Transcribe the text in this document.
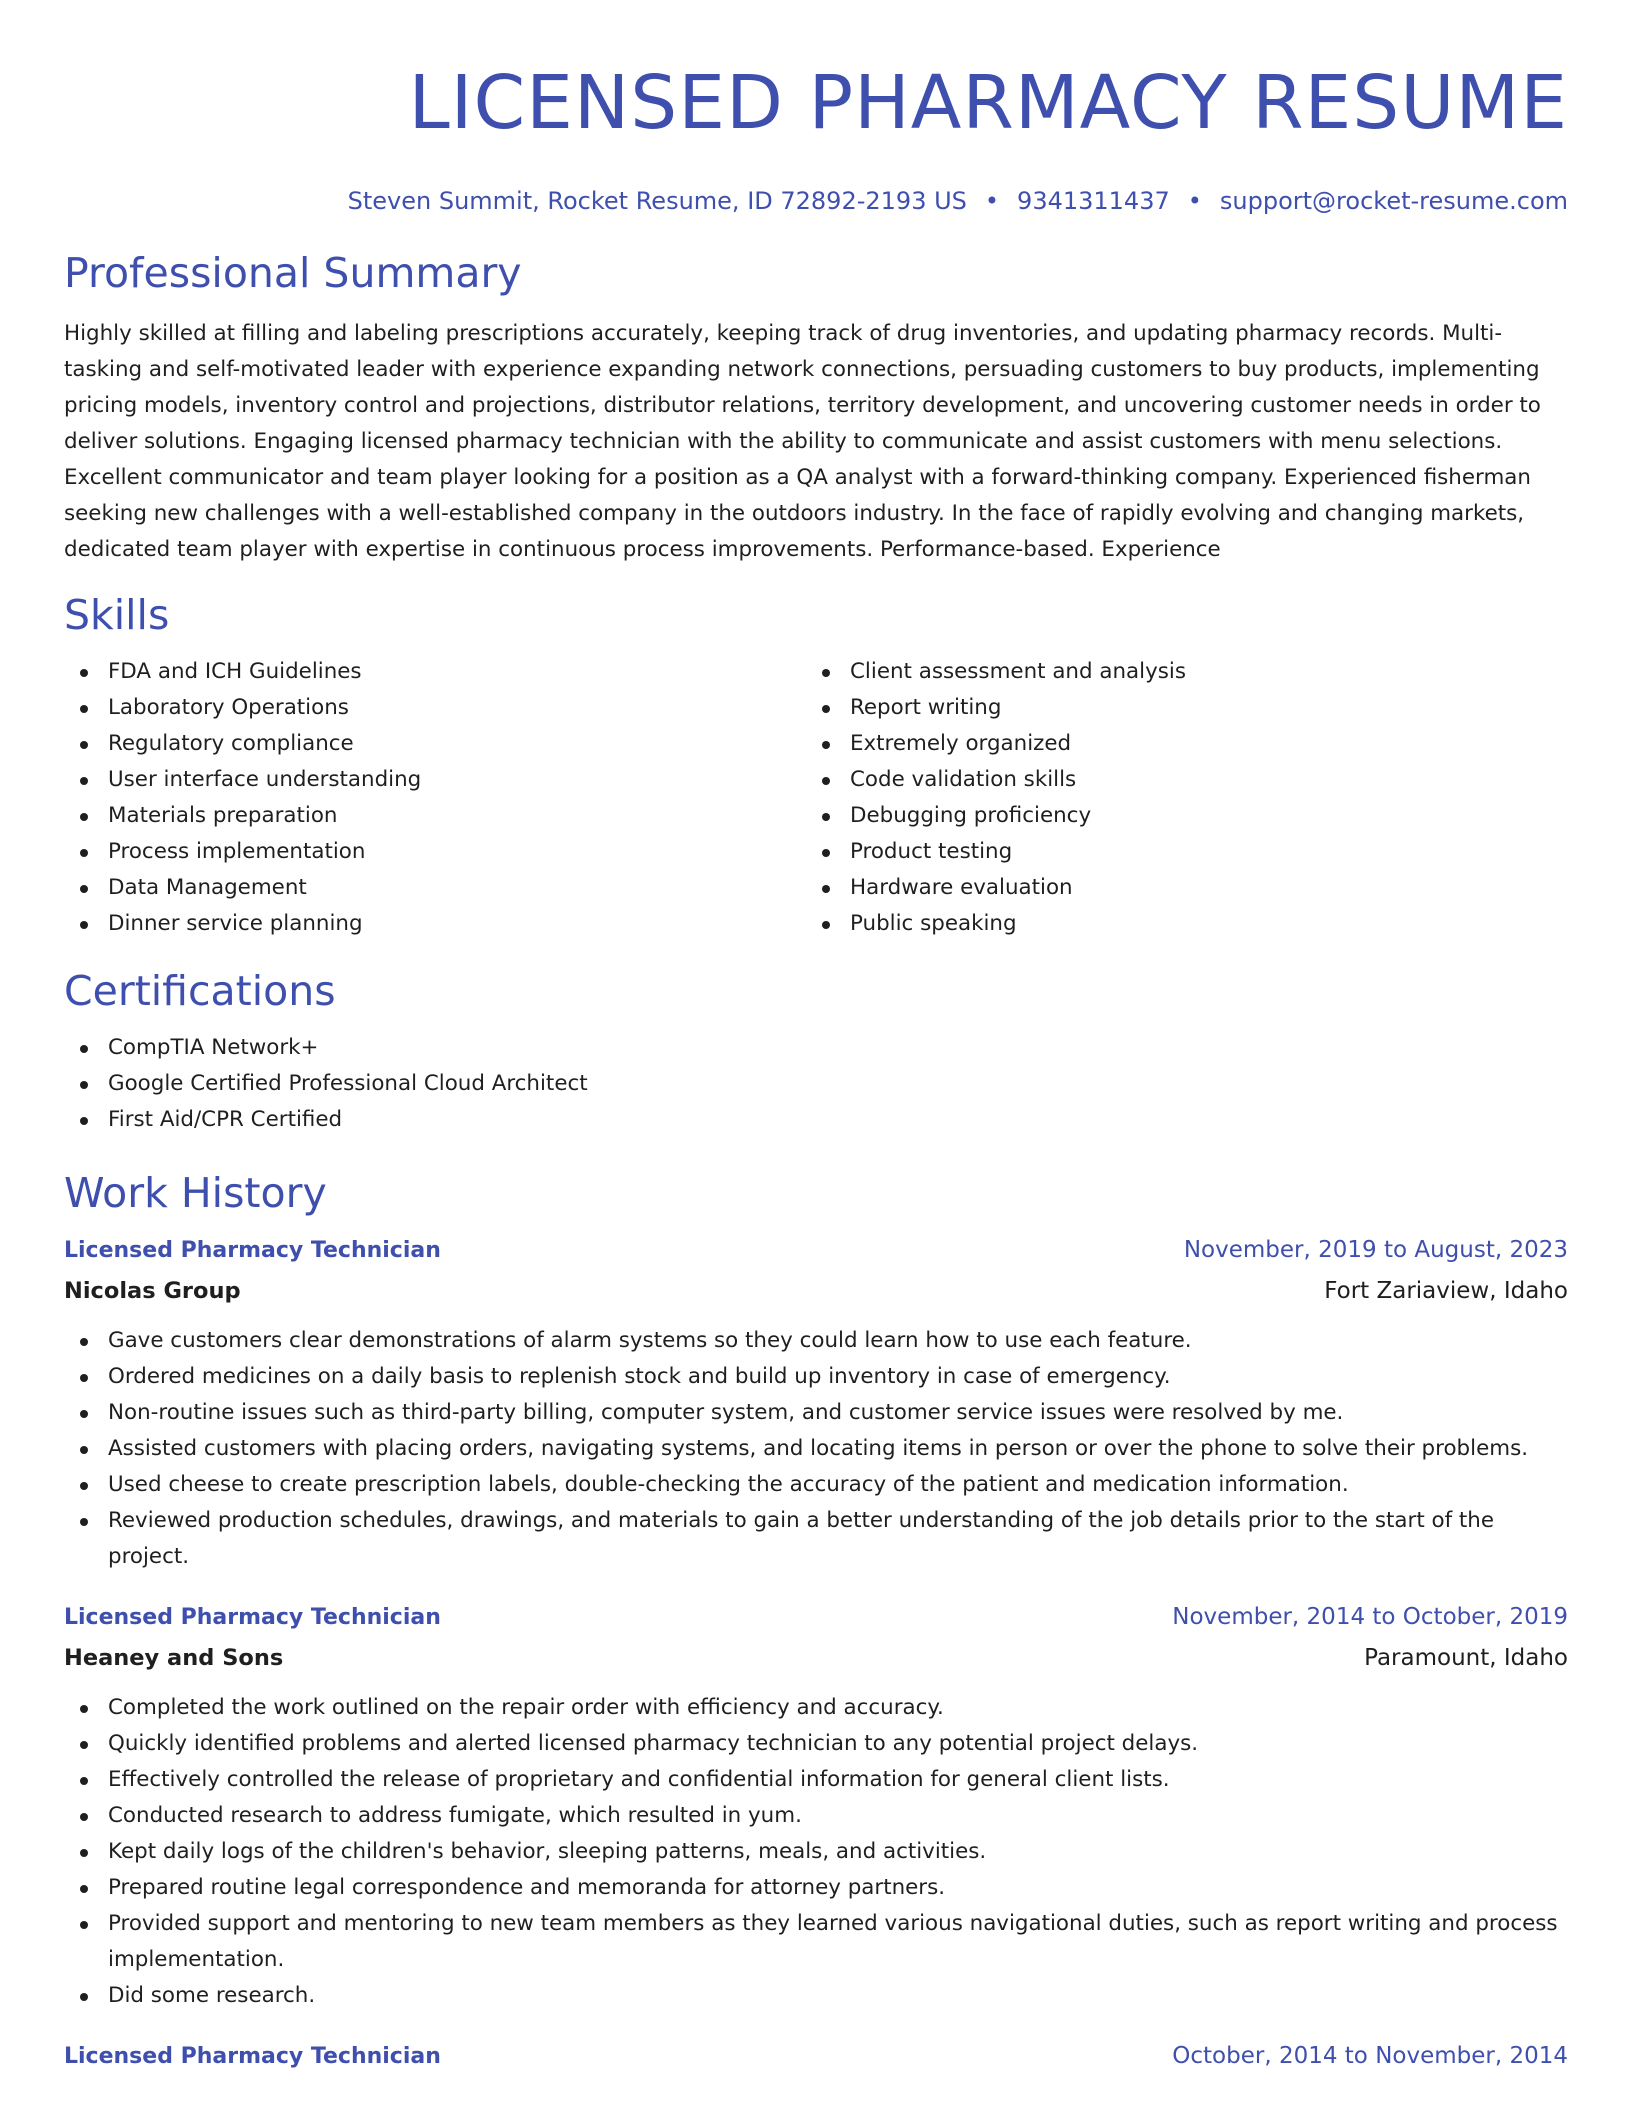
LICENSED PHARMACY RESUME
Steven Summit, Rocket Resume, ID 72892-2193 US • 9341311437 • support@rocket-resume.com
Professional Summary

Highly skilled at filling and labeling prescriptions accurately, keeping track of drug inventories, and updating pharmacy records. Multi-tasking and self-motivated leader with experience expanding network connections, persuading customers to buy products, implementing pricing models, inventory control and projections, distributor relations, territory development, and uncovering customer needs in order to deliver solutions. Engaging licensed pharmacy technician with the ability to communicate and assist customers with menu selections. Excellent communicator and team player looking for a position as a QA analyst with a forward-thinking company. Experienced fisherman seeking new challenges with a well-established company in the outdoors industry. In the face of rapidly evolving and changing markets, dedicated team player with expertise in continuous process improvements. Performance-based. Experience

Skills
FDA and ICH Guidelines
Laboratory Operations
Regulatory compliance
User interface understanding
Materials preparation
Process implementation
Data Management
Dinner service planning
Client assessment and analysis
Report writing
Extremely organized
Code validation skills
Debugging proficiency
Product testing
Hardware evaluation
Public speaking
Certifications
CompTIA Network+
Google Certified Professional Cloud Architect
First Aid/CPR Certified
Work History
Licensed Pharmacy Technician	November, 2019 to August, 2023
Nicolas Group	Fort Zariaview, Idaho
Gave customers clear demonstrations of alarm systems so they could learn how to use each feature.
Ordered medicines on a daily basis to replenish stock and build up inventory in case of emergency.
Non-routine issues such as third-party billing, computer system, and customer service issues were resolved by me.
Assisted customers with placing orders, navigating systems, and locating items in person or over the phone to solve their problems.
Used cheese to create prescription labels, double-checking the accuracy of the patient and medication information.
Reviewed production schedules, drawings, and materials to gain a better understanding of the job details prior to the start of the project.
Licensed Pharmacy Technician	November, 2014 to October, 2019
Heaney and Sons	Paramount, Idaho
Completed the work outlined on the repair order with efficiency and accuracy.
Quickly identified problems and alerted licensed pharmacy technician to any potential project delays.
Effectively controlled the release of proprietary and confidential information for general client lists.
Conducted research to address fumigate, which resulted in yum.
Kept daily logs of the children's behavior, sleeping patterns, meals, and activities.
Prepared routine legal correspondence and memoranda for attorney partners.
Provided support and mentoring to new team members as they learned various navigational duties, such as report writing and process implementation.
Did some research.
Licensed Pharmacy Technician	October, 2014 to November, 2014
